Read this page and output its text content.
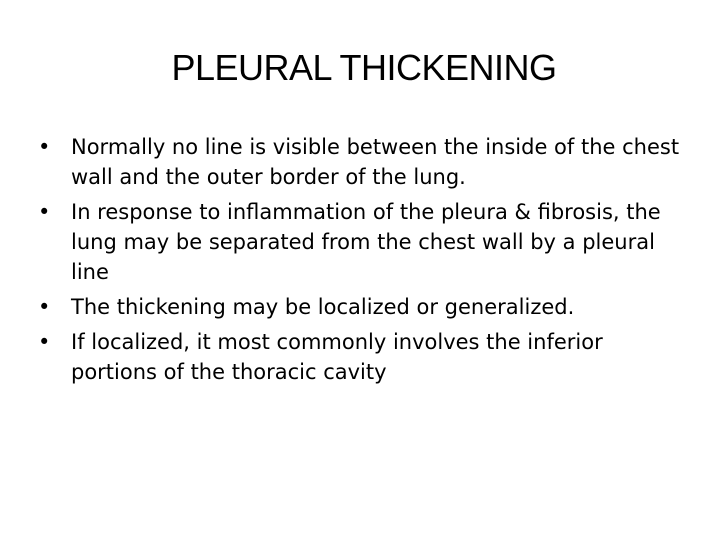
PLEURAL THICKENING
• Normally no line is visible between the inside of the chest wall and the outer border of the lung.
• In response to inflammation of the pleura & fibrosis, the lung may be separated from the chest wall by a pleural line
• The thickening may be localized or generalized.
• If localized, it most commonly involves the inferior portions of the thoracic cavity
